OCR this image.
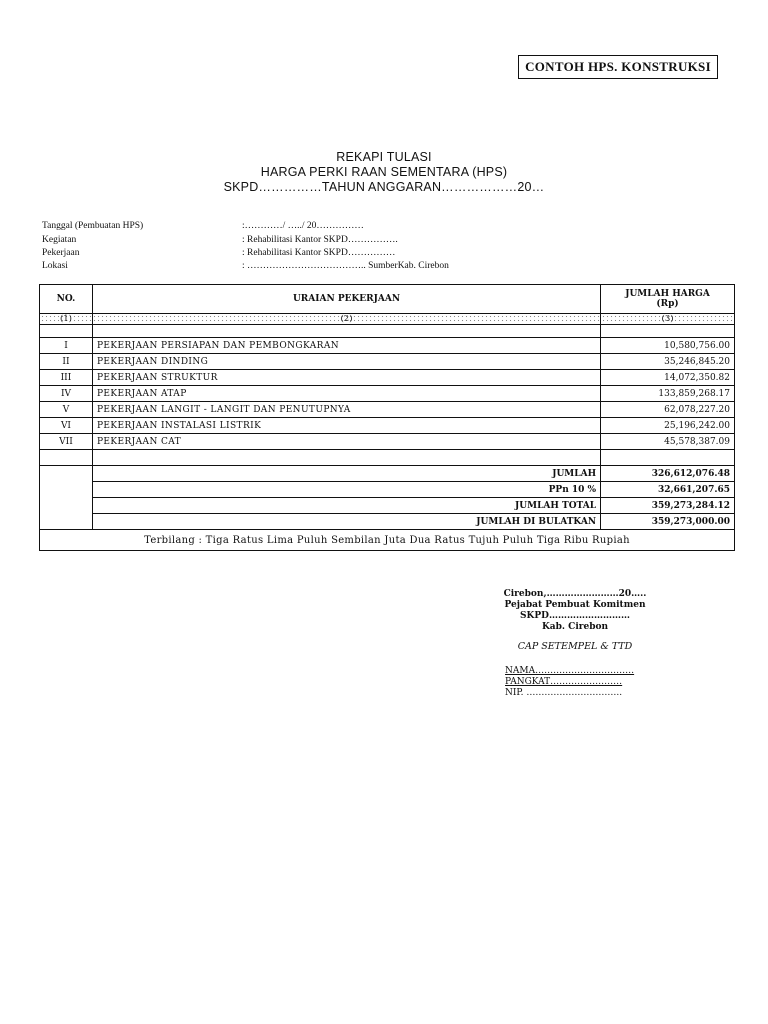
CONTOH HPS. KONSTRUKSI
REKAPI TULASI
HARGA PERKI RAAN SEMENTARA (HPS)
SKPD……………TAHUN ANGGARAN………………20…
Tanggal (Pembuatan HPS)	:…………/ …../ 20……………
Kegiatan	: Rehabilitasi Kantor SKPD…………….
Pekerjaan	: Rehabilitasi Kantor SKPD……………
Lokasi	: ……………………………….. SumberKab. Cirebon
NO.	URAIAN PEKERJAAN	JUMLAH HARGA
(Rp)

(1)	(2)	(3)

I	PEKERJAAN PERSIAPAN DAN PEMBONGKARAN	10,580,756.00
II	PEKERJAAN DINDING	35,246,845.20
III	PEKERJAAN STRUKTUR	14,072,350.82
IV	PEKERJAAN ATAP	133,859,268.17
V	PEKERJAAN LANGIT - LANGIT DAN PENUTUPNYA	62,078,227.20
VI	PEKERJAAN INSTALASI LISTRIK	25,196,242.00
VII	PEKERJAAN CAT	45,578,387.09

	JUMLAH	326,612,076.48
	PPn 10 %	32,661,207.65
	JUMLAH TOTAL	359,273,284.12
	JUMLAH DI BULATKAN	359,273,000.00
Terbilang : Tiga Ratus Lima Puluh Sembilan Juta Dua Ratus Tujuh Puluh Tiga Ribu Rupiah		
Cirebon,……………………20…..
Pejabat Pembuat Komitmen
SKPD………………………
Kab. Cirebon
CAP SETEMPEL & TTD
NAMA……………………………
PANGKAT……………………
NIP. …………………………..
